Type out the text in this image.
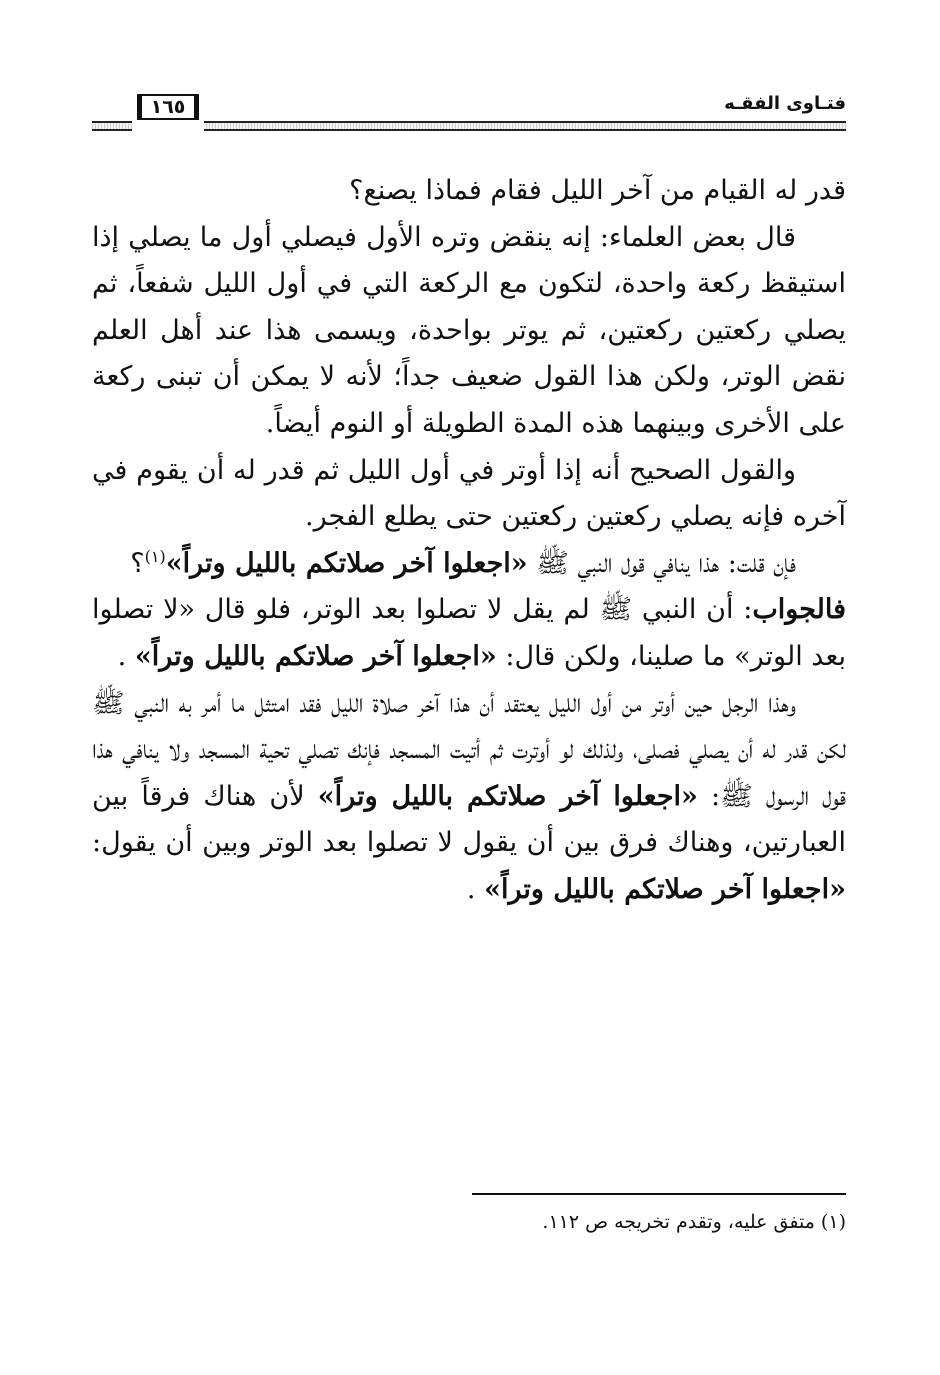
فتـاوى الفقـه
١٦٥

قدر له القيام من آخر الليل فقام فماذا يصنع؟

قال بعض العلماء: إنه ينقض وتره الأول فيصلي أول ما يصلي إذا استيقظ ركعة واحدة، لتكون مع الركعة التي في أول الليل شفعاً، ثم يصلي ركعتين ركعتين، ثم يوتر بواحدة، ويسمى هذا عند أهل العلم نقض الوتر، ولكن هذا القول ضعيف جداً؛ لأنه لا يمكن أن تبنى ركعة على الأخرى وبينهما هذه المدة الطويلة أو النوم أيضاً.

والقول الصحيح أنه إذا أوتر في أول الليل ثم قدر له أن يقوم في آخره فإنه يصلي ركعتين ركعتين حتى يطلع الفجر.

فإن قلت: هذا ينافي قول النبي ﷺ «اجعلوا آخر صلاتكم بالليل وتراً»$^{(١)}$؟

فالجواب: أن النبي ﷺ لم يقل لا تصلوا بعد الوتر، فلو قال «لا تصلوا بعد الوتر» ما صلينا، ولكن قال: «اجعلوا آخر صلاتكم بالليل وتراً» .

وهذا الرجل حين أوتر من أول الليل يعتقد أن هذا آخر صلاة الليل فقد امتثل ما أمر به النبي ﷺ لكن قدر له أن يصلي فصلى، ولذلك لو أوترت ثم أتيت المسجد فإنك تصلي تحية المسجد ولا ينافي هذا قول الرسول ﷺ: «اجعلوا آخر صلاتكم بالليل وتراً» لأن هناك فرقاً بين العبارتين، وهناك فرق بين أن يقول لا تصلوا بعد الوتر وبين أن يقول: «اجعلوا آخر صلاتكم بالليل وتراً» .

(١) متفق عليه، وتقدم تخريجه ص ١١٢.
